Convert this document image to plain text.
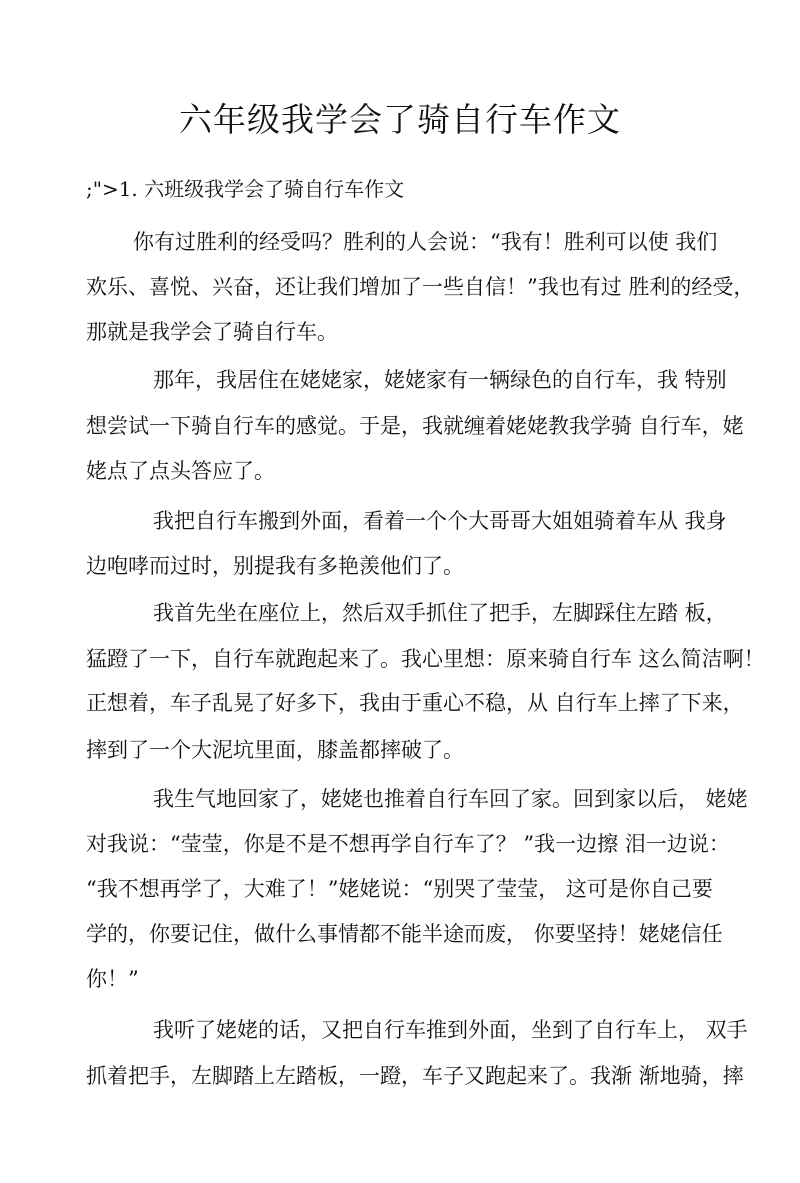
六年级我学会了骑自行车作文

;">1. 六班级我学会了骑自行车作文

你有过胜利的经受吗？胜利的人会说：“我有！胜利可以使 我们

欢乐、喜悦、兴奋，还让我们增加了一些自信！”我也有过 胜利的经受，

那就是我学会了骑自行车。

那年，我居住在姥姥家，姥姥家有一辆绿色的自行车，我 特别

想尝试一下骑自行车的感觉。于是，我就缠着姥姥教我学骑 自行车，姥

姥点了点头答应了。

我把自行车搬到外面，看着一个个大哥哥大姐姐骑着车从 我身

边咆哮而过时，别提我有多艳羡他们了。

我首先坐在座位上，然后双手抓住了把手，左脚踩住左踏 板，

猛蹬了一下，自行车就跑起来了。我心里想：原来骑自行车 这么简洁啊！

正想着，车子乱晃了好多下，我由于重心不稳，从 自行车上摔了下来，

摔到了一个大泥坑里面，膝盖都摔破了。

我生气地回家了，姥姥也推着自行车回了家。回到家以后， 姥姥

对我说：“莹莹，你是不是不想再学自行车了？ ”我一边擦 泪一边说：

“我不想再学了，大难了！”姥姥说：“别哭了莹莹， 这可是你自己要

学的，你要记住，做什么事情都不能半途而废， 你要坚持！姥姥信任

你！”

我听了姥姥的话，又把自行车推到外面，坐到了自行车上， 双手

抓着把手，左脚踏上左踏板，一蹬，车子又跑起来了。我渐 渐地骑，摔
